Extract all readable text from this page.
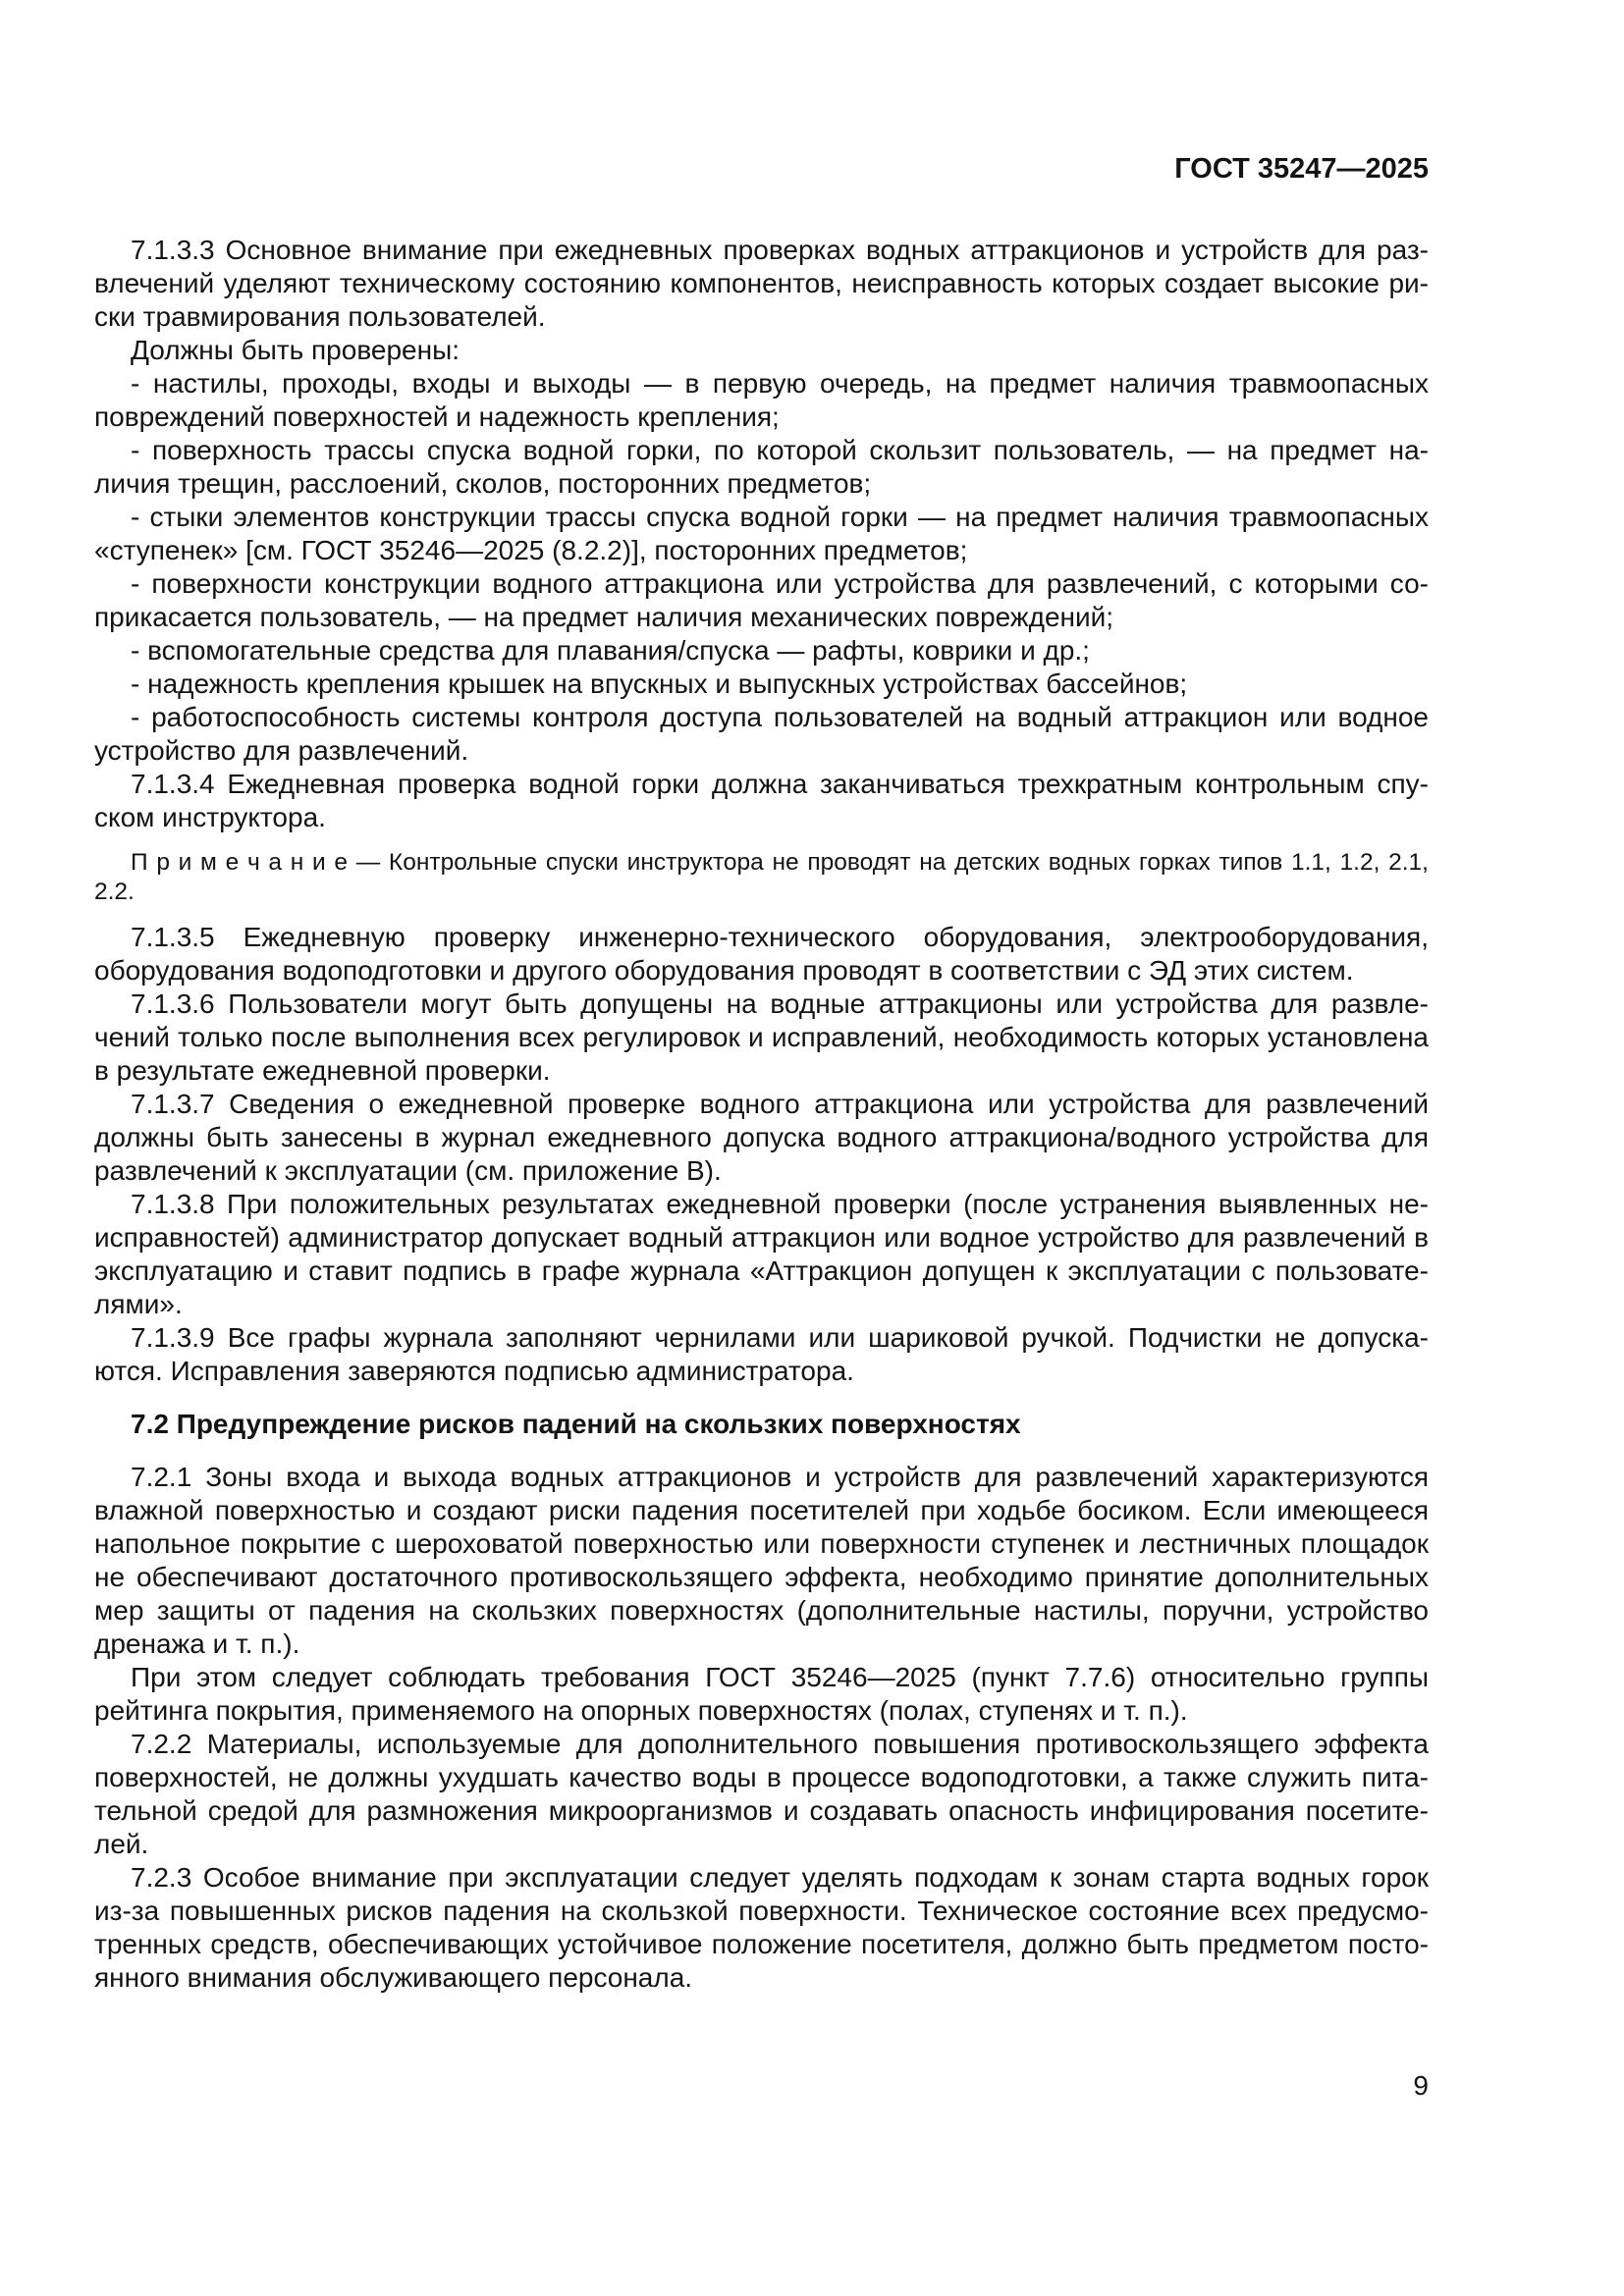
ГОСТ 35247—2025

7.1.3.3 Основное внимание при ежедневных проверках водных аттракционов и устройств для развлечений уделяют техническому состоянию компонентов, неисправность которых создает высокие риски травмирования пользователей.

Должны быть проверены:

- настилы, проходы, входы и выходы — в первую очередь, на предмет наличия травмоопасных повреждений поверхностей и надежность крепления;

- поверхность трассы спуска водной горки, по которой скользит пользователь, — на предмет наличия трещин, расслоений, сколов, посторонних предметов;

- стыки элементов конструкции трассы спуска водной горки — на предмет наличия травмоопасных «ступенек» [см. ГОСТ 35246—2025 (8.2.2)], посторонних предметов;

- поверхности конструкции водного аттракциона или устройства для развлечений, с которыми соприкасается пользователь, — на предмет наличия механических повреждений;

- вспомогательные средства для плавания/спуска — рафты, коврики и др.;

- надежность крепления крышек на впускных и выпускных устройствах бассейнов;

- работоспособность системы контроля доступа пользователей на водный аттракцион или водное устройство для развлечений.

7.1.3.4 Ежедневная проверка водной горки должна заканчиваться трехкратным контрольным спуском инструктора.

П р и м е ч а н и е — Контрольные спуски инструктора не проводят на детских водных горках типов 1.1, 1.2, 2.1, 2.2.

7.1.3.5 Ежедневную проверку инженерно-технического оборудования, электрооборудования, оборудования водоподготовки и другого оборудования проводят в соответствии с ЭД этих систем.

7.1.3.6 Пользователи могут быть допущены на водные аттракционы или устройства для развлечений только после выполнения всех регулировок и исправлений, необходимость которых установлена в результате ежедневной проверки.

7.1.3.7 Сведения о ежедневной проверке водного аттракциона или устройства для развлечений должны быть занесены в журнал ежедневного допуска водного аттракциона/водного устройства для развлечений к эксплуатации (см. приложение В).

7.1.3.8 При положительных результатах ежедневной проверки (после устранения выявленных неисправностей) администратор допускает водный аттракцион или водное устройство для развлечений в эксплуатацию и ставит подпись в графе журнала «Аттракцион допущен к эксплуатации с пользователями».

7.1.3.9 Все графы журнала заполняют чернилами или шариковой ручкой. Подчистки не допускаются. Исправления заверяются подписью администратора.

7.2 Предупреждение рисков падений на скользких поверхностях

7.2.1 Зоны входа и выхода водных аттракционов и устройств для развлечений характеризуются влажной поверхностью и создают риски падения посетителей при ходьбе босиком. Если имеющееся напольное покрытие с шероховатой поверхностью или поверхности ступенек и лестничных площадок не обеспечивают достаточного противоскользящего эффекта, необходимо принятие дополнительных мер защиты от падения на скользких поверхностях (дополнительные настилы, поручни, устройство дренажа и т. п.).

При этом следует соблюдать требования ГОСТ 35246—2025 (пункт 7.7.6) относительно группы рейтинга покрытия, применяемого на опорных поверхностях (полах, ступенях и т. п.).

7.2.2 Материалы, используемые для дополнительного повышения противоскользящего эффекта поверхностей, не должны ухудшать качество воды в процессе водоподготовки, а также служить питательной средой для размножения микроорганизмов и создавать опасность инфицирования посетителей.

7.2.3 Особое внимание при эксплуатации следует уделять подходам к зонам старта водных горок из-за повышенных рисков падения на скользкой поверхности. Техническое состояние всех предусмотренных средств, обеспечивающих устойчивое положение посетителя, должно быть предметом постоянного внимания обслуживающего персонала.

9
